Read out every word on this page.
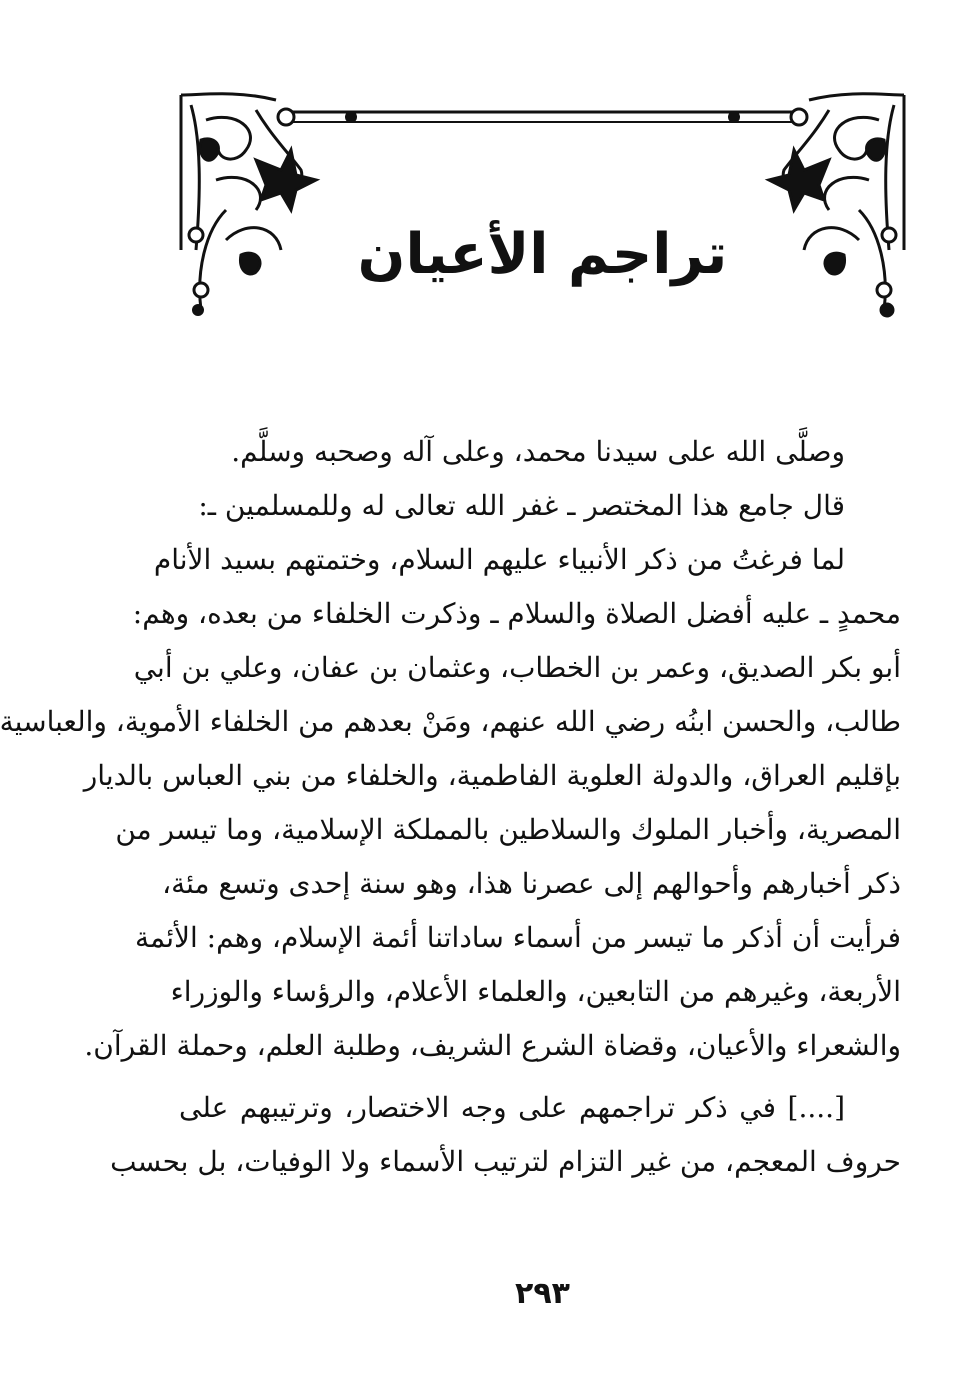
تراجم الأعيان
وصلَّى الله على سيدنا محمد، وعلى آله وصحبه وسلَّم.
قال جامع هذا المختصر ـ غفر الله تعالى له وللمسلمين ـ:
لما فرغتُ من ذكر الأنبياء عليهم السلام، وختمتهم بسيد الأنام
محمدٍ ـ عليه أفضل الصلاة والسلام ـ وذكرت الخلفاء من بعده، وهم:
أبو بكر الصديق، وعمر بن الخطاب، وعثمان بن عفان، وعلي بن أبي
طالب، والحسن ابنُه رضي الله عنهم، ومَنْ بعدهم من الخلفاء الأموية، والعباسية
بإقليم العراق، والدولة العلوية الفاطمية، والخلفاء من بني العباس بالديار
المصرية، وأخبار الملوك والسلاطين بالمملكة الإسلامية، وما تيسر من
ذكر أخبارهم وأحوالهم إلى عصرنا هذا، وهو سنة إحدى وتسع مئة،
فرأيت أن أذكر ما تيسر من أسماء ساداتنا أئمة الإسلام، وهم: الأئمة
الأربعة، وغيرهم من التابعين، والعلماء الأعلام، والرؤساء والوزراء
والشعراء والأعيان، وقضاة الشرع الشريف، وطلبة العلم، وحملة القرآن.
[....] في ذكر تراجمهم على وجه الاختصار، وترتيبهم على
حروف المعجم، من غير التزام لترتيب الأسماء ولا الوفيات، بل بحسب
٢٩٣
